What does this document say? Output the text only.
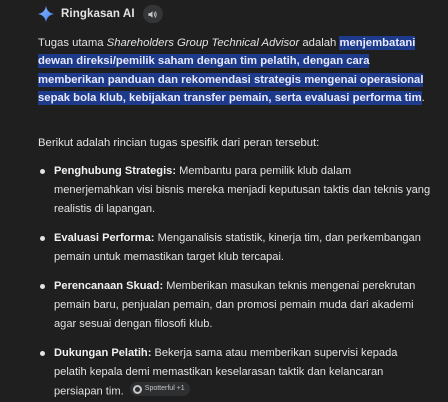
Ringkasan AI

Tugas utama Shareholders Group Technical Advisor adalah menjembatani dewan direksi/pemilik saham dengan tim pelatih, dengan cara memberikan panduan dan rekomendasi strategis mengenai operasional sepak bola klub, kebijakan transfer pemain, serta evaluasi performa tim.

Berikut adalah rincian tugas spesifik dari peran tersebut:

Penghubung Strategis: Membantu para pemilik klub dalam menerjemahkan visi bisnis mereka menjadi keputusan taktis dan teknis yang realistis di lapangan.
Evaluasi Performa: Menganalisis statistik, kinerja tim, dan perkembangan pemain untuk memastikan target klub tercapai.
Perencanaan Skuad: Memberikan masukan teknis mengenai perekrutan pemain baru, penjualan pemain, dan promosi pemain muda dari akademi agar sesuai dengan filosofi klub.
Dukungan Pelatih: Bekerja sama atau memberikan supervisi kepada pelatih kepala demi memastikan keselarasan taktik dan kelancaran persiapan tim.	Spotterful +1
